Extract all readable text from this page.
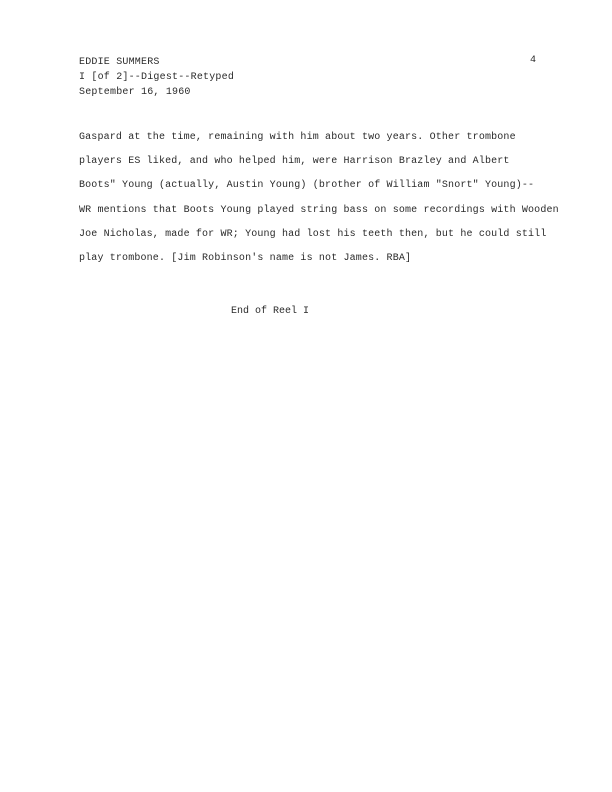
EDDIE SUMMERS
I [of 2]--Digest--Retyped
September 16, 1960
4
Gaspard at the time, remaining with him about two years. Other trombone
players ES liked, and who helped him, were Harrison Brazley and Albert
Boots" Young (actually, Austin Young) (brother of William "Snort" Young)--
WR mentions that Boots Young played string bass on some recordings with Wooden
Joe Nicholas, made for WR; Young had lost his teeth then, but he could still
play trombone. [Jim Robinson's name is not James. RBA]
End of Reel I
